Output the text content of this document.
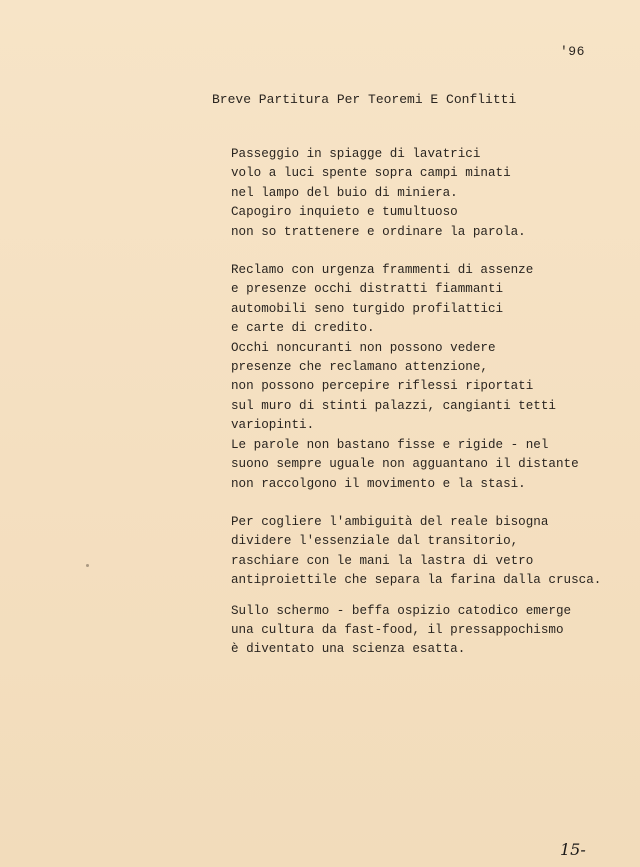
'96
Breve Partitura Per Teoremi E Conflitti
Passeggio in spiagge di lavatrici
volo a luci spente sopra campi minati
nel lampo del buio di miniera.
Capogiro inquieto e tumultuoso
non so trattenere e ordinare la parola.
Reclamo con urgenza frammenti di assenze
e presenze occhi distratti fiammanti
automobili seno turgido profilattici
e carte di credito.
Occhi noncuranti non possono vedere
presenze che reclamano attenzione,
non possono percepire riflessi riportati
sul muro di stinti palazzi, cangianti tetti
variopinti.
Le parole non bastano fisse e rigide - nel
suono sempre uguale non agguantano il distante
non raccolgono il movimento e la stasi.
Per cogliere l'ambiguità del reale bisogna
dividere l'essenziale dal transitorio,
raschiare con le mani la lastra di vetro
antiproiettile che separa la farina dalla crusca.
Sullo schermo - beffa ospizio catodico emerge
una cultura da fast-food, il pressappochismo
è diventato una scienza esatta.
15-
